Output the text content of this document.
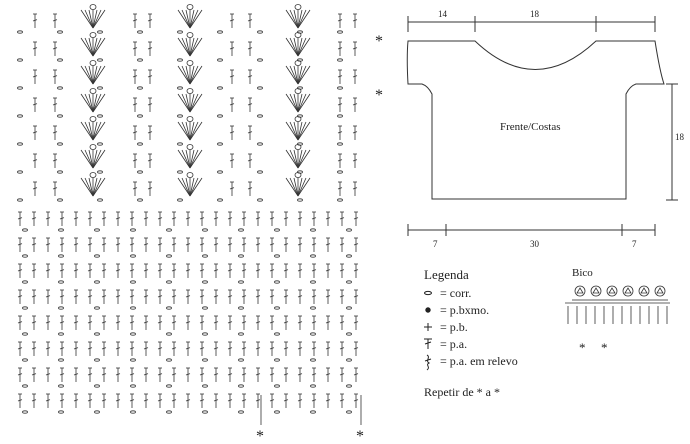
*
*
*	*
14	18
18
7	30	7
Frente/Costas
Legenda
= corr.
= p.bxmo.
= p.b.
= p.a.
= p.a. em relevo
Repetir de * a *
Bico
* *
